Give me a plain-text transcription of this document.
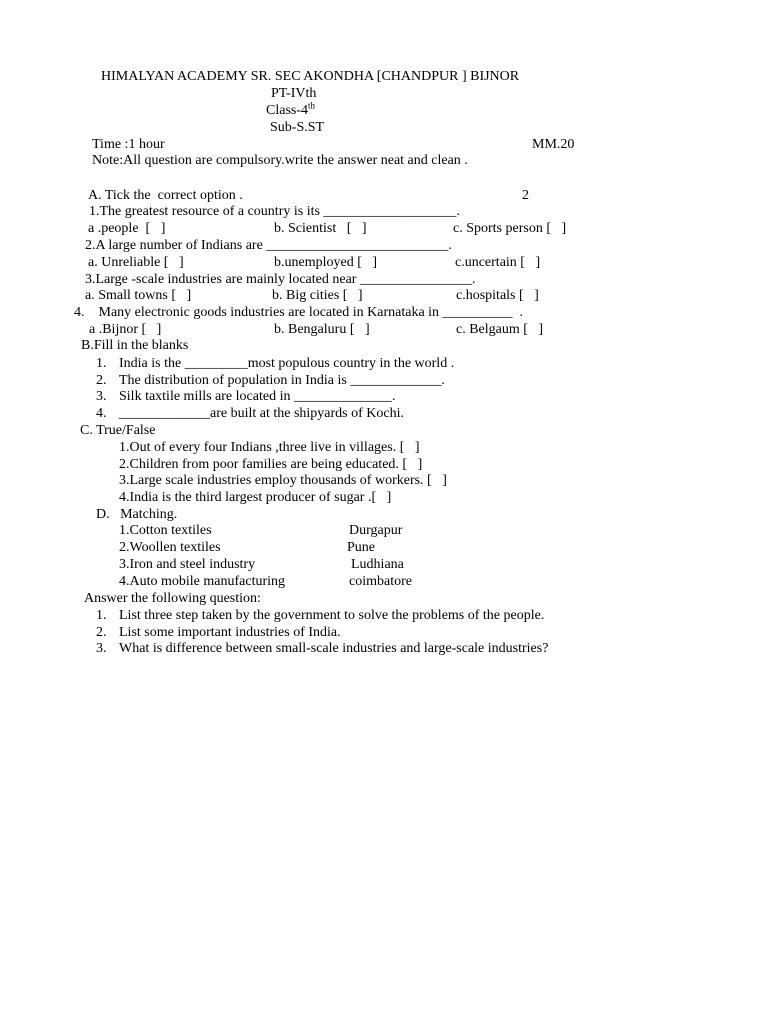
HIMALYAN ACADEMY SR. SEC AKONDHA [CHANDPUR ] BIJNOR
PT-IVth
Class-4th
Sub-S.ST
Time :1 hour	MM.20
Note:All question are compulsory.write the answer neat and clean .
A. Tick the  correct option .	2
1.The greatest resource of a country is its ___________________.
a .people  [   ]	b. Scientist   [   ]	c. Sports person [   ]
2.A large number of Indians are __________________________.
a. Unreliable [   ]	b.unemployed [   ]	c.uncertain [   ]
3.Large -scale industries are mainly located near ________________.
a. Small towns [   ]	b. Big cities [   ]	c.hospitals [   ]
4.    Many electronic goods industries are located in Karnataka in __________  .
a .Bijnor [   ]	b. Bengaluru [   ]	c. Belgaum [   ]
B.Fill in the blanks
1. India is the _________most populous country in the world .
2. The distribution of population in India is _____________.
3. Silk taxtile mills are located in ______________.
4. _____________are built at the shipyards of Kochi.
C. True/False
1.Out of every four Indians ,three live in villages. [   ]
2.Children from poor families are being educated. [   ]
3.Large scale industries employ thousands of workers. [   ]
4.India is the third largest producer of sugar .[   ]
D.   Matching.
1.Cotton textiles	Durgapur
2.Woollen textiles	Pune
3.Iron and steel industry	Ludhiana
4.Auto mobile manufacturing	coimbatore
Answer the following question:
1. List three step taken by the government to solve the problems of the people.
2. List some important industries of India.
3. What is difference between small-scale industries and large-scale industries?
